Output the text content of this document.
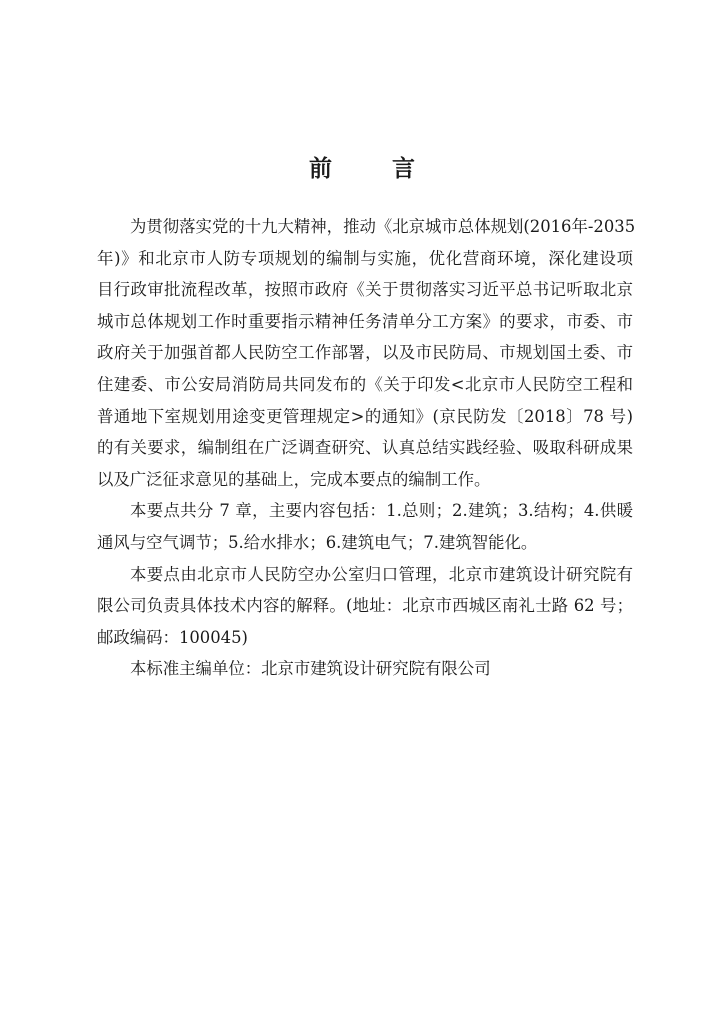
前 言

为贯彻落实党的十九大精神，推动《北京城市总体规划(2016年-2035
年)》和北京市人防专项规划的编制与实施，优化营商环境，深化建设项
目行政审批流程改革，按照市政府《关于贯彻落实习近平总书记听取北京
城市总体规划工作时重要指示精神任务清单分工方案》的要求，市委、市
政府关于加强首都人民防空工作部署，以及市民防局、市规划国土委、市
住建委、市公安局消防局共同发布的《关于印发<北京市人民防空工程和
普通地下室规划用途变更管理规定>的通知》(京民防发〔2018〕78 号)
的有关要求，编制组在广泛调查研究、认真总结实践经验、吸取科研成果
以及广泛征求意见的基础上，完成本要点的编制工作。

本要点共分 7 章，主要内容包括：1.总则；2.建筑；3.结构；4.供暖
通风与空气调节；5.给水排水；6.建筑电气；7.建筑智能化。

本要点由北京市人民防空办公室归口管理，北京市建筑设计研究院有
限公司负责具体技术内容的解释。(地址：北京市西城区南礼士路 62 号；
邮政编码：100045)

本标准主编单位：北京市建筑设计研究院有限公司
